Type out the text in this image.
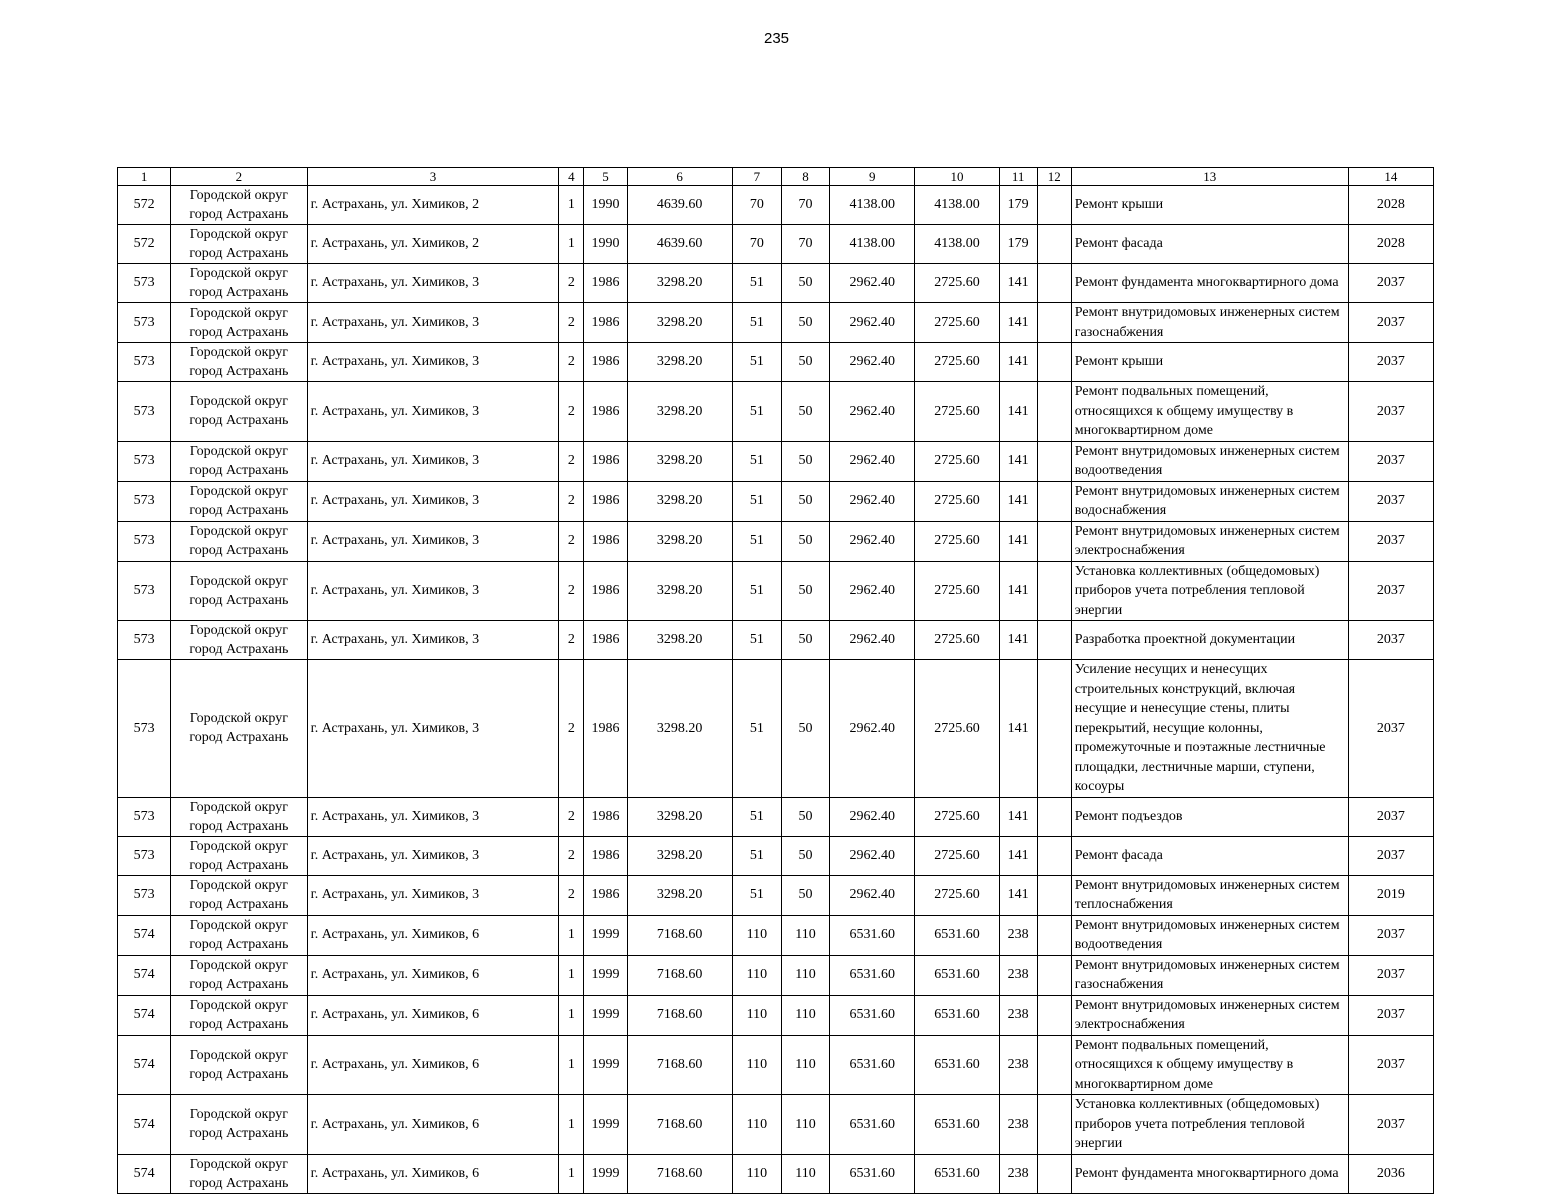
235
1	2	3	4	5	6	7	8	9	10	11	12	13	14
572	Городской округ город Астрахань	г. Астрахань, ул. Химиков, 2	1	1990	4639.60	70	70	4138.00	4138.00	179		Ремонт крыши	2028
572	Городской округ город Астрахань	г. Астрахань, ул. Химиков, 2	1	1990	4639.60	70	70	4138.00	4138.00	179		Ремонт фасада	2028
573	Городской округ город Астрахань	г. Астрахань, ул. Химиков, 3	2	1986	3298.20	51	50	2962.40	2725.60	141		Ремонт фундамента многоквартирного дома	2037
573	Городской округ город Астрахань	г. Астрахань, ул. Химиков, 3	2	1986	3298.20	51	50	2962.40	2725.60	141		Ремонт внутридомовых инженерных систем газоснабжения	2037
573	Городской округ город Астрахань	г. Астрахань, ул. Химиков, 3	2	1986	3298.20	51	50	2962.40	2725.60	141		Ремонт крыши	2037
573	Городской округ город Астрахань	г. Астрахань, ул. Химиков, 3	2	1986	3298.20	51	50	2962.40	2725.60	141		Ремонт подвальных помещений, относящихся к общему имуществу в многоквартирном доме	2037
573	Городской округ город Астрахань	г. Астрахань, ул. Химиков, 3	2	1986	3298.20	51	50	2962.40	2725.60	141		Ремонт внутридомовых инженерных систем водоотведения	2037
573	Городской округ город Астрахань	г. Астрахань, ул. Химиков, 3	2	1986	3298.20	51	50	2962.40	2725.60	141		Ремонт внутридомовых инженерных систем водоснабжения	2037
573	Городской округ город Астрахань	г. Астрахань, ул. Химиков, 3	2	1986	3298.20	51	50	2962.40	2725.60	141		Ремонт внутридомовых инженерных систем электроснабжения	2037
573	Городской округ город Астрахань	г. Астрахань, ул. Химиков, 3	2	1986	3298.20	51	50	2962.40	2725.60	141		Установка коллективных (общедомовых) приборов учета потребления тепловой энергии	2037
573	Городской округ город Астрахань	г. Астрахань, ул. Химиков, 3	2	1986	3298.20	51	50	2962.40	2725.60	141		Разработка проектной документации	2037
573	Городской округ город Астрахань	г. Астрахань, ул. Химиков, 3	2	1986	3298.20	51	50	2962.40	2725.60	141		Усиление несущих и ненесущих строительных конструкций, включая несущие и ненесущие стены, плиты перекрытий, несущие колонны, промежуточные и поэтажные лестничные площадки, лестничные марши, ступени, косоуры	2037
573	Городской округ город Астрахань	г. Астрахань, ул. Химиков, 3	2	1986	3298.20	51	50	2962.40	2725.60	141		Ремонт подъездов	2037
573	Городской округ город Астрахань	г. Астрахань, ул. Химиков, 3	2	1986	3298.20	51	50	2962.40	2725.60	141		Ремонт фасада	2037
573	Городской округ город Астрахань	г. Астрахань, ул. Химиков, 3	2	1986	3298.20	51	50	2962.40	2725.60	141		Ремонт внутридомовых инженерных систем теплоснабжения	2019
574	Городской округ город Астрахань	г. Астрахань, ул. Химиков, 6	1	1999	7168.60	110	110	6531.60	6531.60	238		Ремонт внутридомовых инженерных систем водоотведения	2037
574	Городской округ город Астрахань	г. Астрахань, ул. Химиков, 6	1	1999	7168.60	110	110	6531.60	6531.60	238		Ремонт внутридомовых инженерных систем газоснабжения	2037
574	Городской округ город Астрахань	г. Астрахань, ул. Химиков, 6	1	1999	7168.60	110	110	6531.60	6531.60	238		Ремонт внутридомовых инженерных систем электроснабжения	2037
574	Городской округ город Астрахань	г. Астрахань, ул. Химиков, 6	1	1999	7168.60	110	110	6531.60	6531.60	238		Ремонт подвальных помещений, относящихся к общему имуществу в многоквартирном доме	2037
574	Городской округ город Астрахань	г. Астрахань, ул. Химиков, 6	1	1999	7168.60	110	110	6531.60	6531.60	238		Установка коллективных (общедомовых) приборов учета потребления тепловой энергии	2037
574	Городской округ город Астрахань	г. Астрахань, ул. Химиков, 6	1	1999	7168.60	110	110	6531.60	6531.60	238		Ремонт фундамента многоквартирного дома	2036
